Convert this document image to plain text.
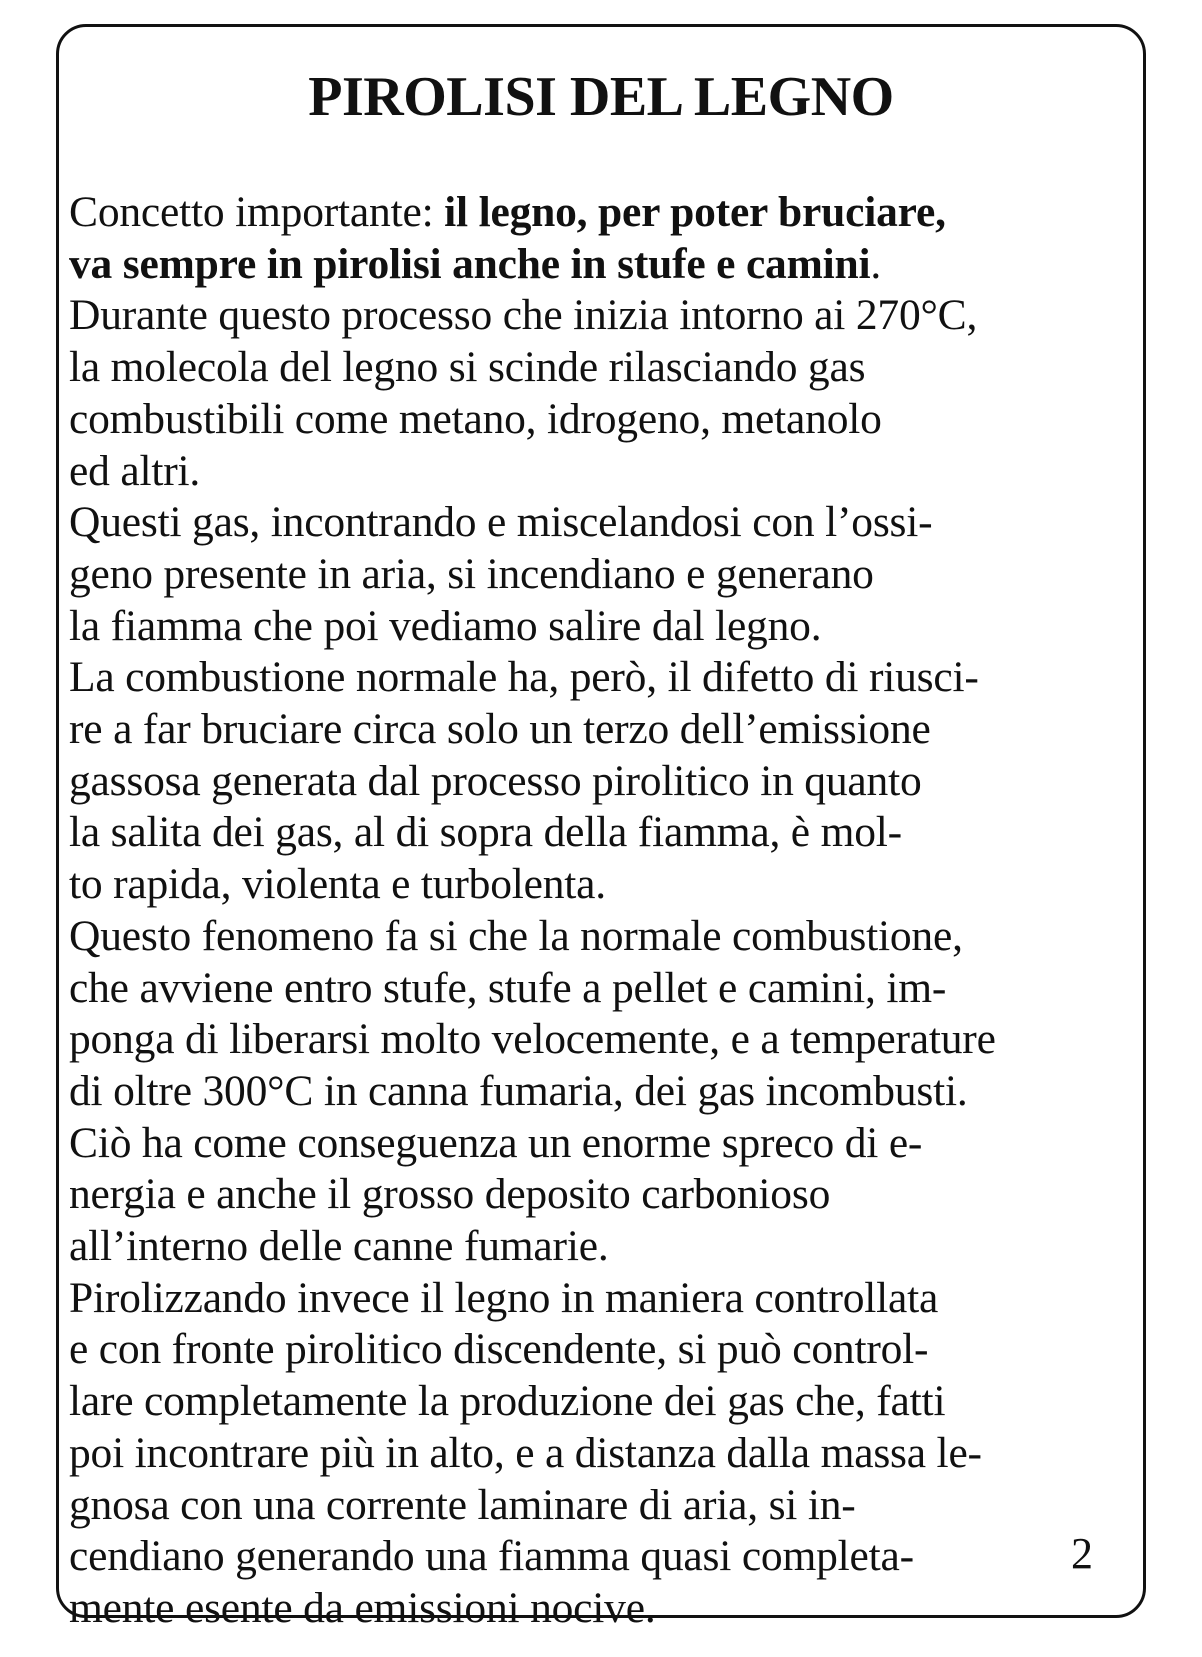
PIROLISI DEL LEGNO
Concetto importante: il legno, per poter bruciare,
va sempre in pirolisi anche in stufe e camini.
Durante questo processo che inizia intorno ai 270°C,
la molecola del legno si scinde rilasciando gas
combustibili come metano, idrogeno, metanolo
ed altri.
Questi gas, incontrando e miscelandosi con l’ossi-
geno presente in aria, si incendiano e generano
la fiamma che poi vediamo salire dal legno.
La combustione normale ha, però, il difetto di riusci-
re a far bruciare circa solo un terzo dell’emissione
gassosa generata dal processo pirolitico in quanto
la salita dei gas, al di sopra della fiamma, è mol-
to rapida, violenta e turbolenta.
Questo fenomeno fa si che la normale combustione,
che avviene entro stufe, stufe a pellet e camini, im-
ponga di liberarsi molto velocemente, e a temperature
di oltre 300°C in canna fumaria, dei gas incombusti.
Ciò ha come conseguenza un enorme spreco di e-
nergia e anche il grosso deposito carbonioso
all’interno delle canne fumarie.
Pirolizzando invece il legno in maniera controllata
e con fronte pirolitico discendente, si può control-
lare completamente la produzione dei gas che, fatti
poi incontrare più in alto, e a distanza dalla massa le-
gnosa con una corrente laminare di aria, si in-
cendiano generando una fiamma quasi completa-
mente esente da emissioni nocive.
2
